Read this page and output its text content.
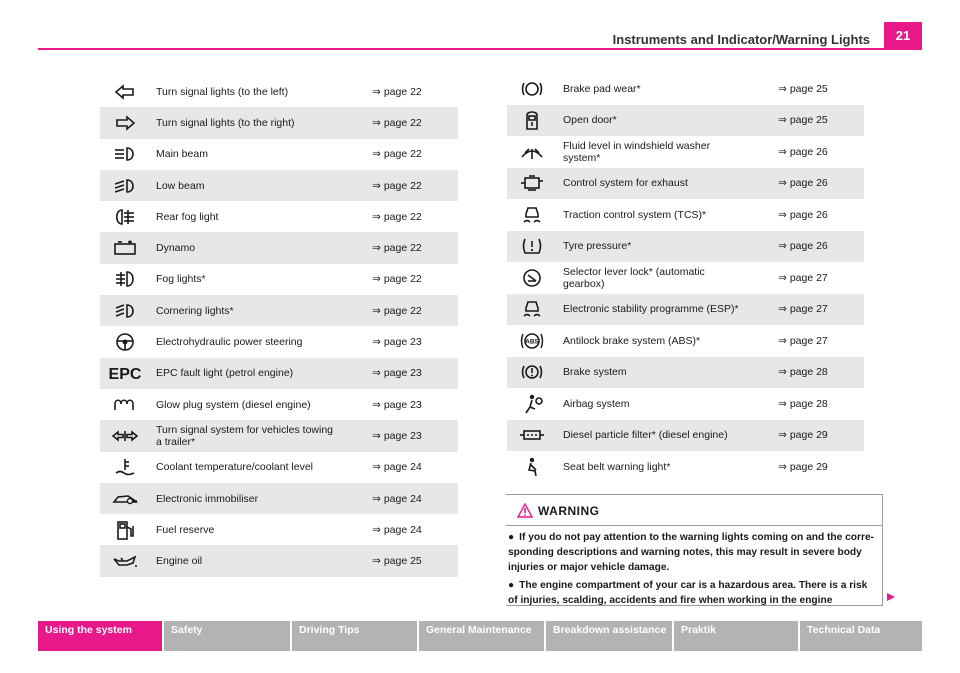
Instruments and Indicator/Warning Lights	21
	Turn signal lights (to the left)	⇒ page 22

	Turn signal lights (to the right)	⇒ page 22

	Main beam	⇒ page 22

	Low beam	⇒ page 22

	Rear fog light	⇒ page 22

	Dynamo	⇒ page 22

	Fog lights*	⇒ page 22

	Cornering lights*	⇒ page 22

	Electrohydraulic power steering	⇒ page 23

EPC	EPC fault light (petrol engine)	⇒ page 23

	Glow plug system (diesel engine)	⇒ page 23

	Turn signal system for vehicles towing a trailer*	⇒ page 23

	Coolant temperature/coolant level	⇒ page 24

	Electronic immobiliser	⇒ page 24

	Fuel reserve	⇒ page 24

	Engine oil	⇒ page 25
	Brake pad wear*	⇒ page 25

	Open door*	⇒ page 25

	Fluid level in windshield washer system*	⇒ page 26

	Control system for exhaust	⇒ page 26

	Traction control system (TCS)*	⇒ page 26

	Tyre pressure*	⇒ page 26

	Selector lever lock* (automatic gearbox)	⇒ page 27

	Electronic stability programme (ESP)*	⇒ page 27

ABS	Antilock brake system (ABS)*	⇒ page 27

	Brake system	⇒ page 28

	Airbag system	⇒ page 28

	Diesel particle filter* (diesel engine)	⇒ page 29

	Seat belt warning light*	⇒ page 29
WARNING

● If you do not pay attention to the warning lights coming on and the corre-sponding descriptions and warning notes, this may result in severe body injuries or major vehicle damage.

● The engine compartment of your car is a hazardous area. There is a risk of injuries, scalding, accidents and fire when working in the engine

Using the system	Safety	Driving Tips	General Maintenance	Breakdown assistance	Praktik	Technical Data
